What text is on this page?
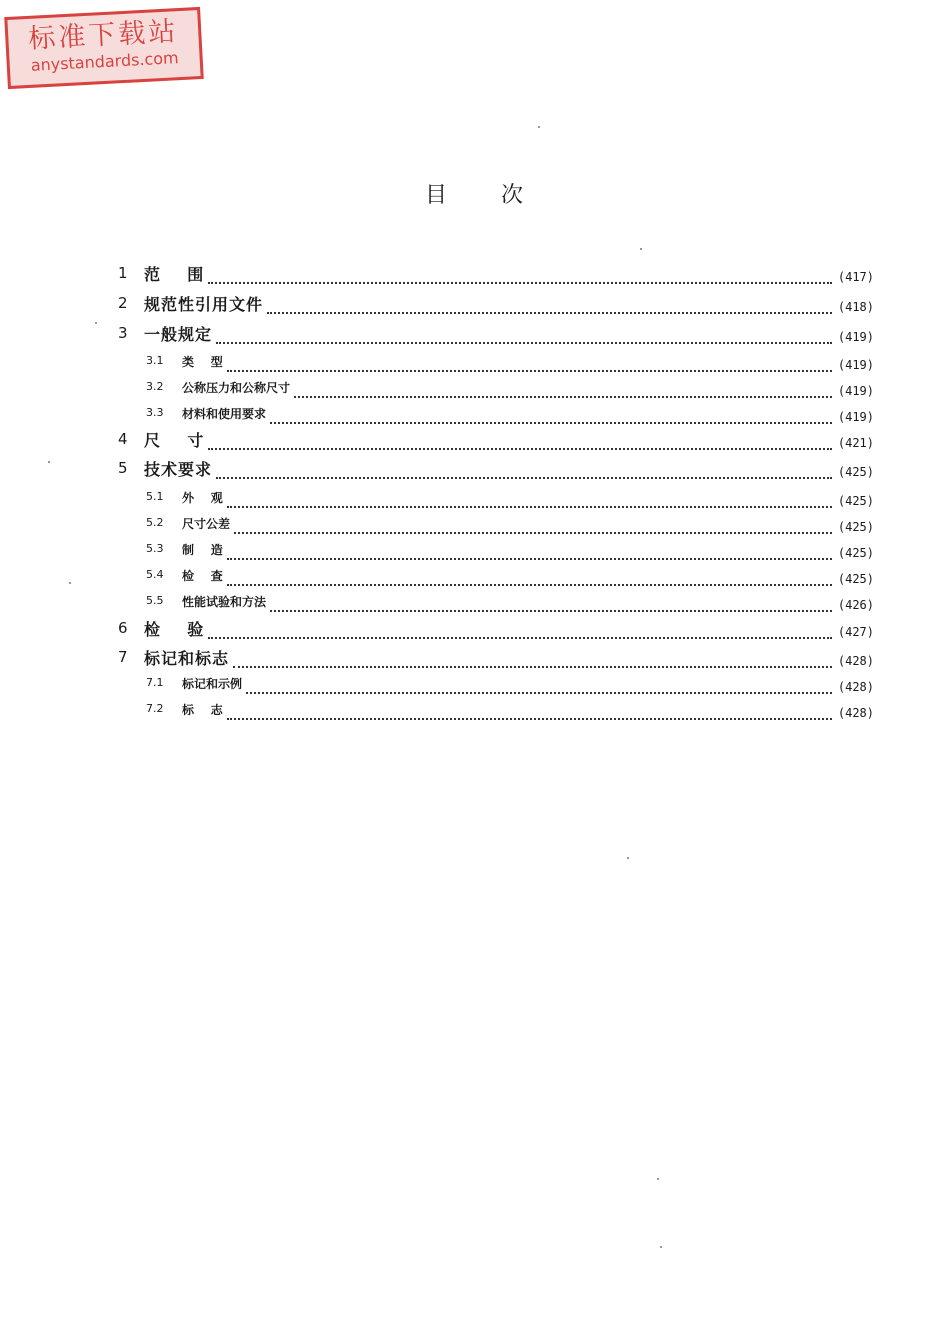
标准下载站
anystandards.com
目 次
1 范    围	(417)
2 规范性引用文件	(418)
3 一般规定	(419)
3.1 类    型	(419)
3.2 公称压力和公称尺寸	(419)
3.3 材料和使用要求	(419)
4 尺    寸	(421)
5 技术要求	(425)
5.1 外    观	(425)
5.2 尺寸公差	(425)
5.3 制    造	(425)
5.4 检    查	(425)
5.5 性能试验和方法	(426)
6 检    验	(427)
7 标记和标志	(428)
7.1 标记和示例	(428)
7.2 标    志	(428)
